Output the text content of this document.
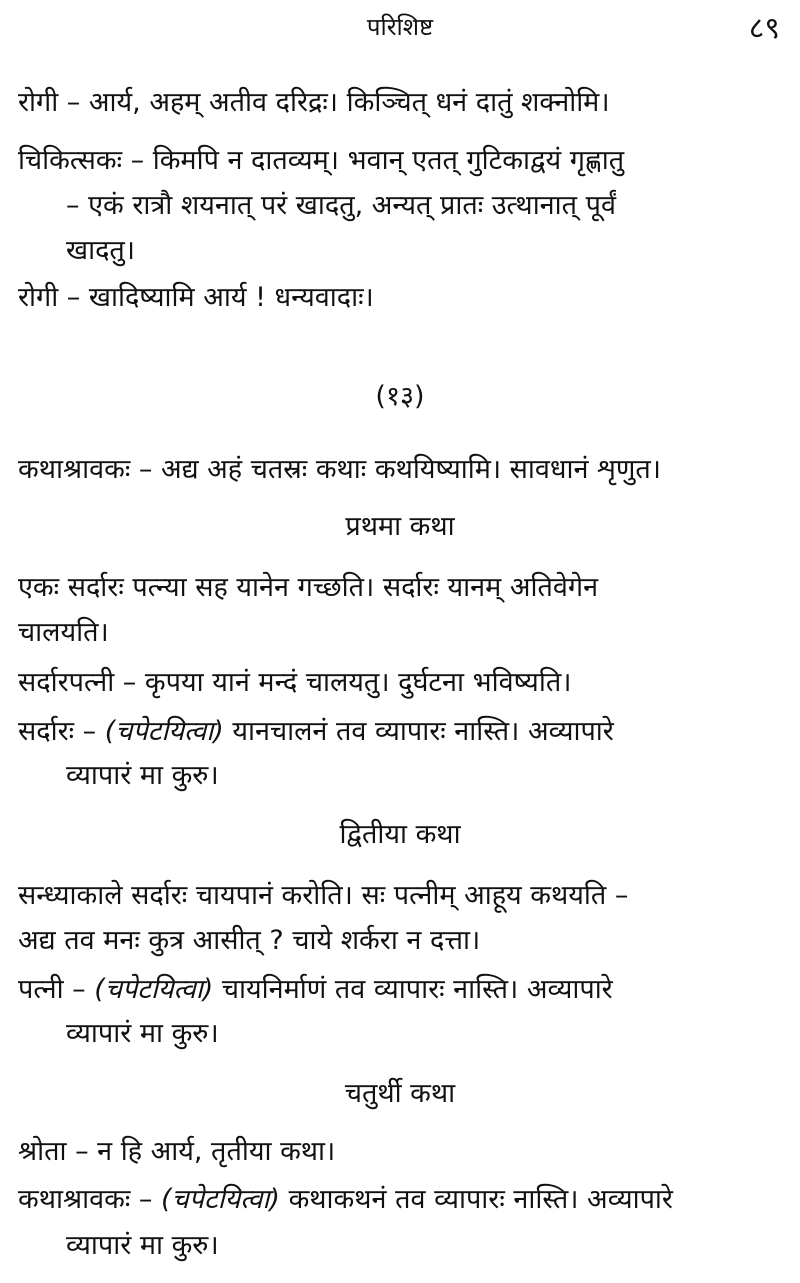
परिशिष्ट	८९
रोगी – आर्य, अहम् अतीव दरिद्रः। किञ्चित् धनं दातुं शक्नोमि।
चिकित्सकः – किमपि न दातव्यम्। भवान् एतत् गुटिकाद्वयं गृह्णातु
– एकं रात्रौ शयनात् परं खादतु, अन्यत् प्रातः उत्थानात् पूर्वं
खादतु।
रोगी – खादिष्यामि आर्य ! धन्यवादाः।
(१३)
कथाश्रावकः – अद्य अहं चतस्रः कथाः कथयिष्यामि। सावधानं शृणुत।
प्रथमा कथा
एकः सर्दारः पत्न्या सह यानेन गच्छति। सर्दारः यानम् अतिवेगेन
चालयति।
सर्दारपत्नी – कृपया यानं मन्दं चालयतु। दुर्घटना भविष्यति।
सर्दारः – (चपेटयित्वा) यानचालनं तव व्यापारः नास्ति। अव्यापारे
व्यापारं मा कुरु।
द्वितीया कथा
सन्ध्याकाले सर्दारः चायपानं करोति। सः पत्नीम् आहूय कथयति –
अद्य तव मनः कुत्र आसीत् ? चाये शर्करा न दत्ता।
पत्नी – (चपेटयित्वा) चायनिर्माणं तव व्यापारः नास्ति। अव्यापारे
व्यापारं मा कुरु।
चतुर्थी कथा
श्रोता – न हि आर्य, तृतीया कथा।
कथाश्रावकः – (चपेटयित्वा) कथाकथनं तव व्यापारः नास्ति। अव्यापारे
व्यापारं मा कुरु।
